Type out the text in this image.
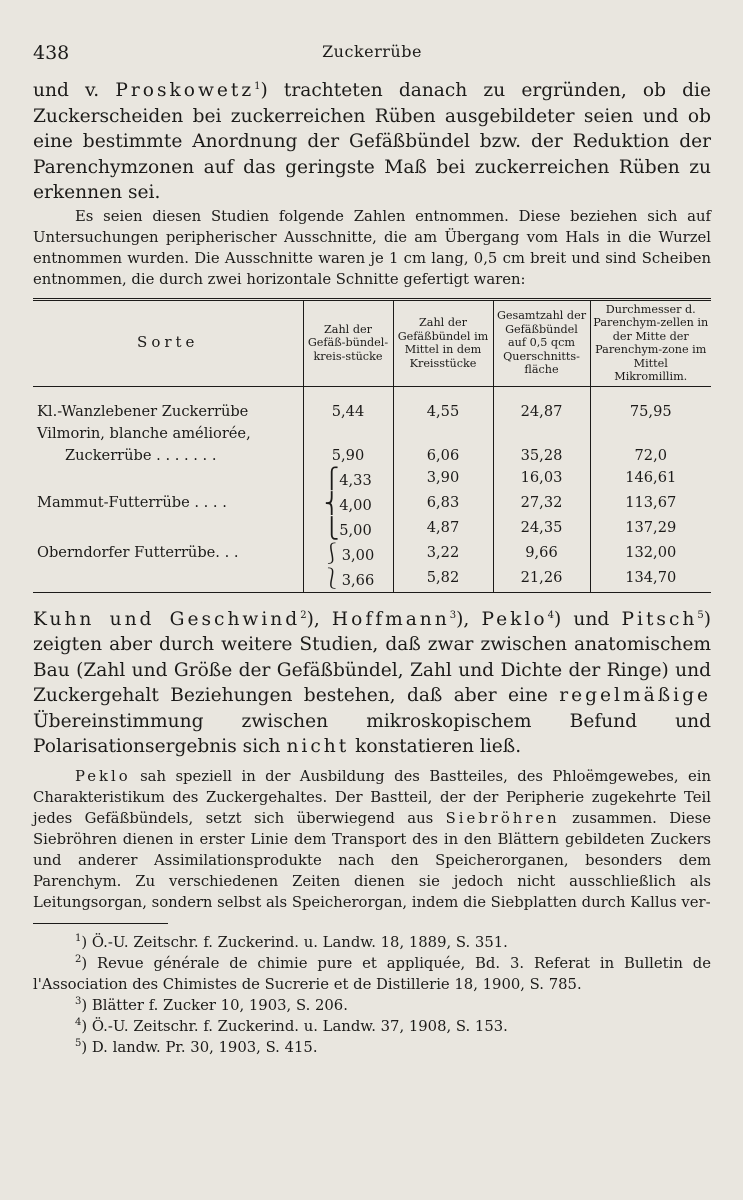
438	Zuckerrübe

und v. Proskowetz$^1$) trachteten danach zu ergründen, ob die Zuckerscheiden bei zuckerreichen Rüben ausgebildeter seien und ob eine bestimmte Anordnung der Gefäßbündel bzw. der Reduktion der Parenchymzonen auf das geringste Maß bei zuckerreichen Rüben zu erkennen sei.

Es seien diesen Studien folgende Zahlen entnommen. Diese beziehen sich auf Untersuchungen peripherischer Ausschnitte, die am Übergang vom Hals in die Wurzel entnommen wurden. Die Ausschnitte waren je 1 cm lang, 0,5 cm breit und sind Scheiben entnommen, die durch zwei horizontale Schnitte gefertigt waren:

Sorte	Zahl der Gefäß-bündel-kreis-stücke	Zahl der Gefäßbündel im Mittel in dem Kreisstücke	Gesamtzahl der Gefäßbündel auf 0,5 qcm Querschnitts-fläche	Durchmesser d. Parenchym-zellen in der Mitte der Parenchym-zone im Mittel
Mikromillim.

Kl.-Wanzlebener Zuckerrübe	5,44	4,55	24,87	75,95

Vilmorin, blanche améliorée,
Zuckerrübe . . . . . . .	5,90	6,06	35,28	72,0

	⎧4,33	3,90	16,03	146,61

Mammut-Futterrübe . . . .	⎨4,00	6,83	27,32	113,67

	⎩5,00	4,87	24,35	137,29

Oberndorfer Futterrübe. . .	⎰3,00	3,22	9,66	132,00

	⎱3,66	5,82	21,26	134,70

Kuhn und Geschwind$^2$), Hoffmann$^3$), Peklo$^4$) und Pitsch$^5$) zeigten aber durch weitere Studien, daß zwar zwischen anatomischem Bau (Zahl und Größe der Gefäßbündel, Zahl und Dichte der Ringe) und Zuckergehalt Beziehungen bestehen, daß aber eine regelmäßige Übereinstimmung zwischen mikroskopischem Befund und Polarisationsergebnis sich nicht konstatieren ließ.

Peklo sah speziell in der Ausbildung des Bastteiles, des Phloëmgewebes, ein Charakteristikum des Zuckergehaltes. Der Bastteil, der der Peripherie zugekehrte Teil jedes Gefäßbündels, setzt sich überwiegend aus Siebröhren zusammen. Diese Siebröhren dienen in erster Linie dem Transport des in den Blättern gebildeten Zuckers und anderer Assimilationsprodukte nach den Speicherorganen, besonders dem Parenchym. Zu verschiedenen Zeiten dienen sie jedoch nicht ausschließlich als Leitungsorgan, sondern selbst als Speicherorgan, indem die Siebplatten durch Kallus ver-

$^1$) Ö.-U. Zeitschr. f. Zuckerind. u. Landw. 18, 1889, S. 351.

$^2$) Revue générale de chimie pure et appliquée, Bd. 3. Referat in Bulletin de l'Association des Chimistes de Sucrerie et de Distillerie 18, 1900, S. 785.

$^3$) Blätter f. Zucker 10, 1903, S. 206.

$^4$) Ö.-U. Zeitschr. f. Zuckerind. u. Landw. 37, 1908, S. 153.

$^5$) D. landw. Pr. 30, 1903, S. 415.
